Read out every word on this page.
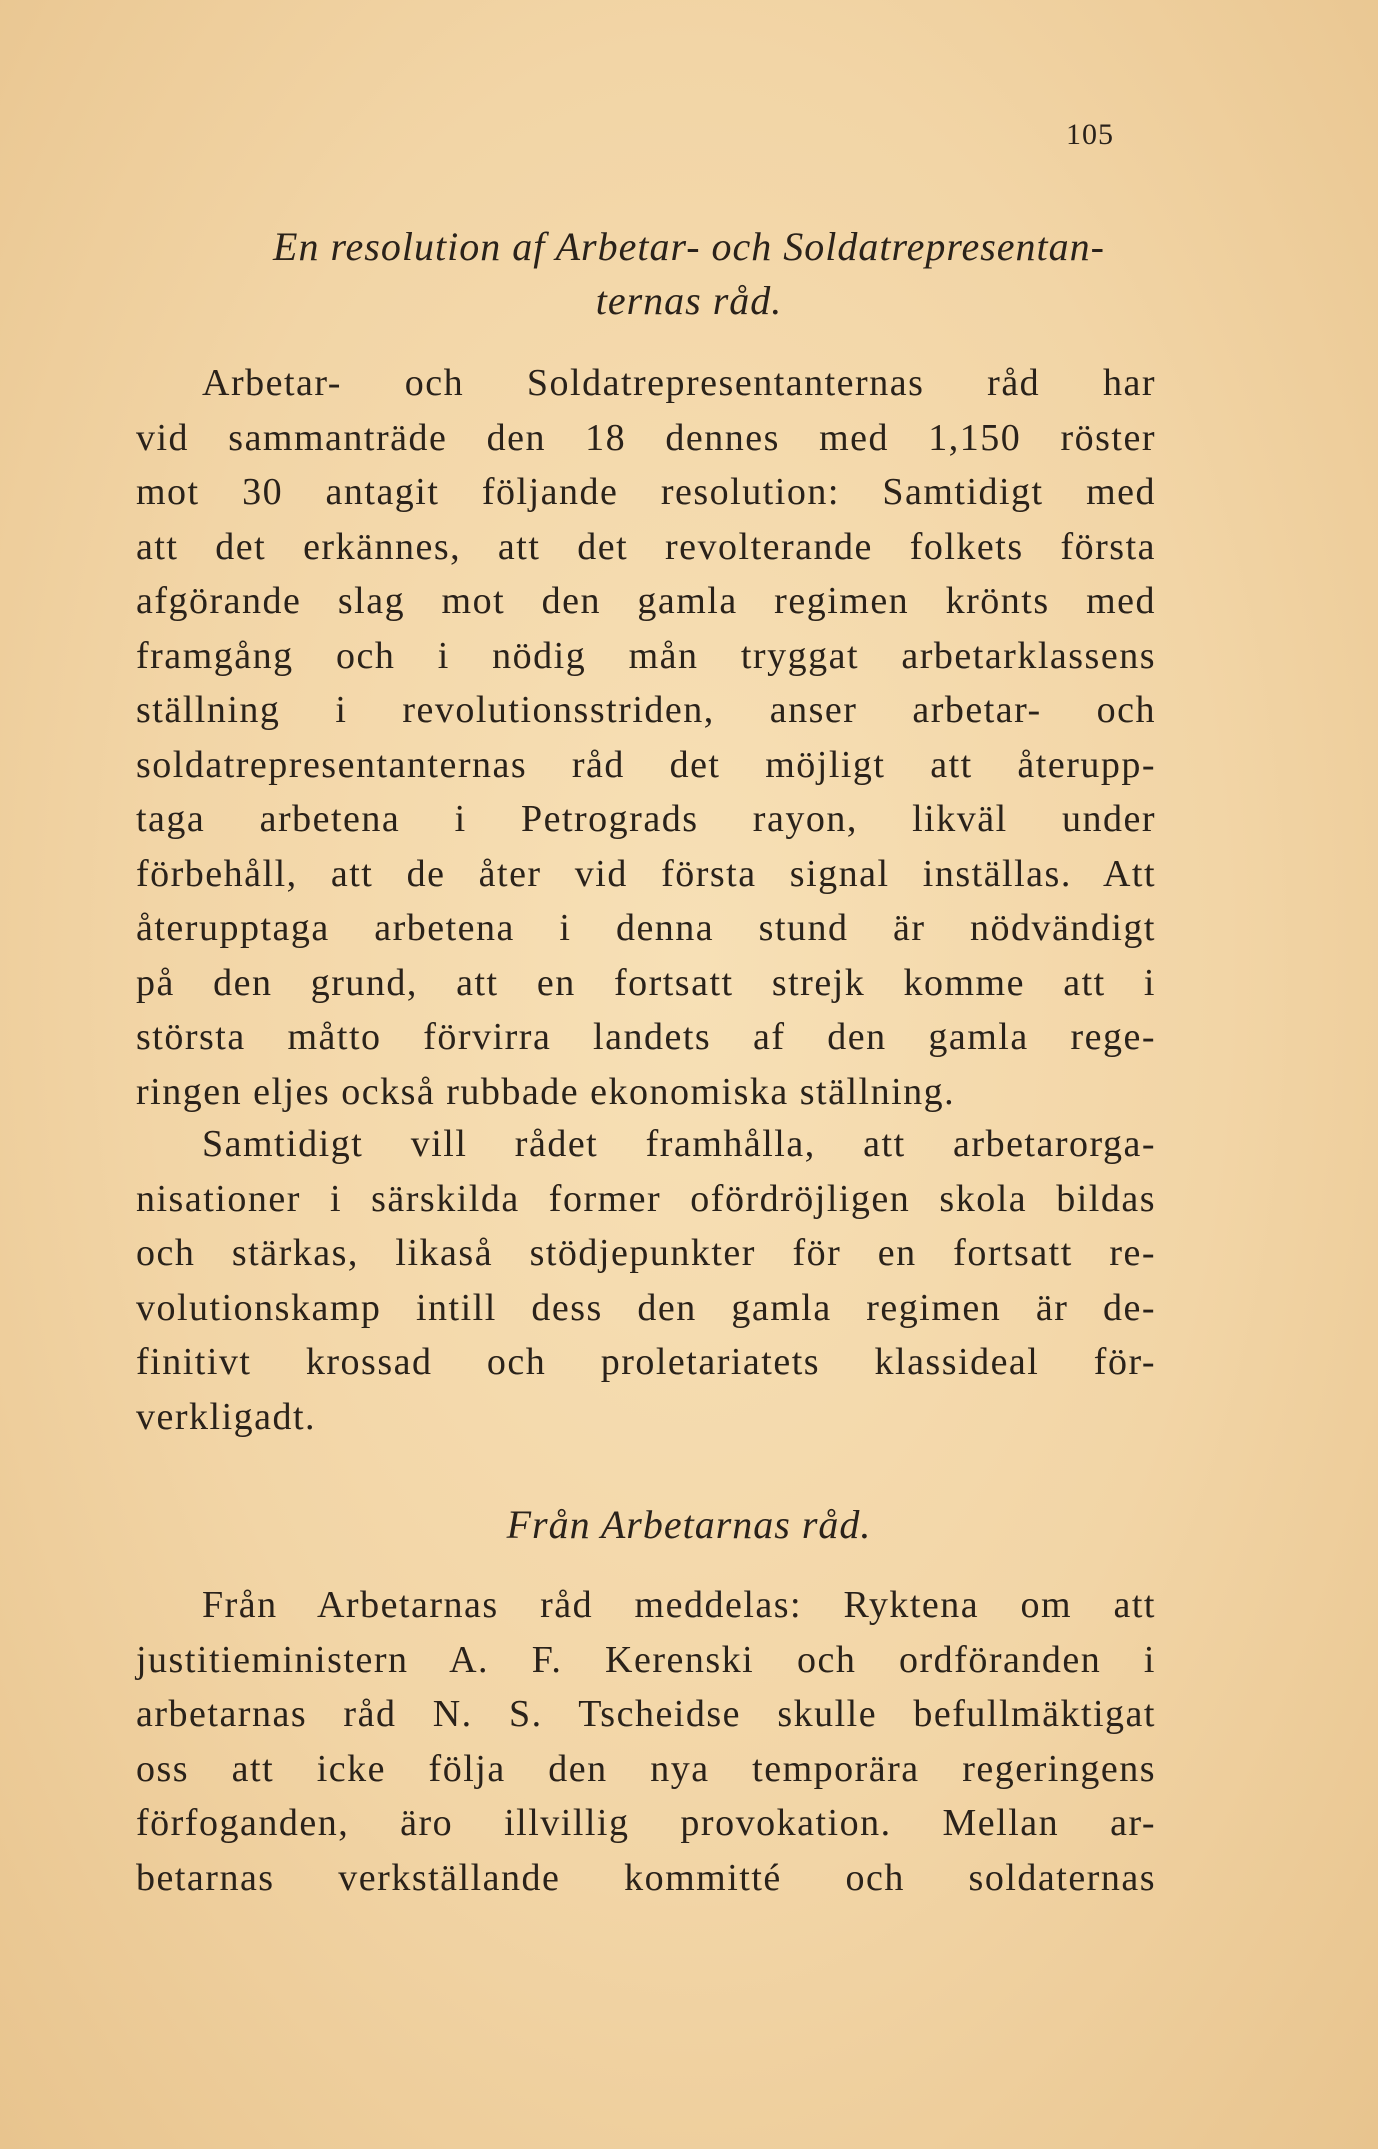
105
En resolution af Arbetar- och Soldatrepresentan-
ternas råd.
Arbetar- och Soldatrepresentanternas råd har
vid sammanträde den 18 dennes med 1,150 röster
mot 30 antagit följande resolution: Samtidigt med
att det erkännes, att det revolterande folkets första
afgörande slag mot den gamla regimen krönts med
framgång och i nödig mån tryggat arbetarklassens
ställning i revolutionsstriden, anser arbetar- och
soldatrepresentanternas råd det möjligt att återupp-
taga arbetena i Petrograds rayon, likväl under
förbehåll, att de åter vid första signal inställas. Att
återupptaga arbetena i denna stund är nödvändigt
på den grund, att en fortsatt strejk komme att i
största måtto förvirra landets af den gamla rege-
ringen eljes också rubbade ekonomiska ställning.
Samtidigt vill rådet framhålla, att arbetarorga-
nisationer i särskilda former ofördröjligen skola bildas
och stärkas, likaså stödjepunkter för en fortsatt re-
volutionskamp intill dess den gamla regimen är de-
finitivt krossad och proletariatets klassideal för-
verkligadt.
Från Arbetarnas råd.
Från Arbetarnas råd meddelas: Ryktena om att
justitieministern A. F. Kerenski och ordföranden i
arbetarnas råd N. S. Tscheidse skulle befullmäktigat
oss att icke följa den nya temporära regeringens
förfoganden, äro illvillig provokation. Mellan ar-
betarnas verkställande kommitté och soldaternas
